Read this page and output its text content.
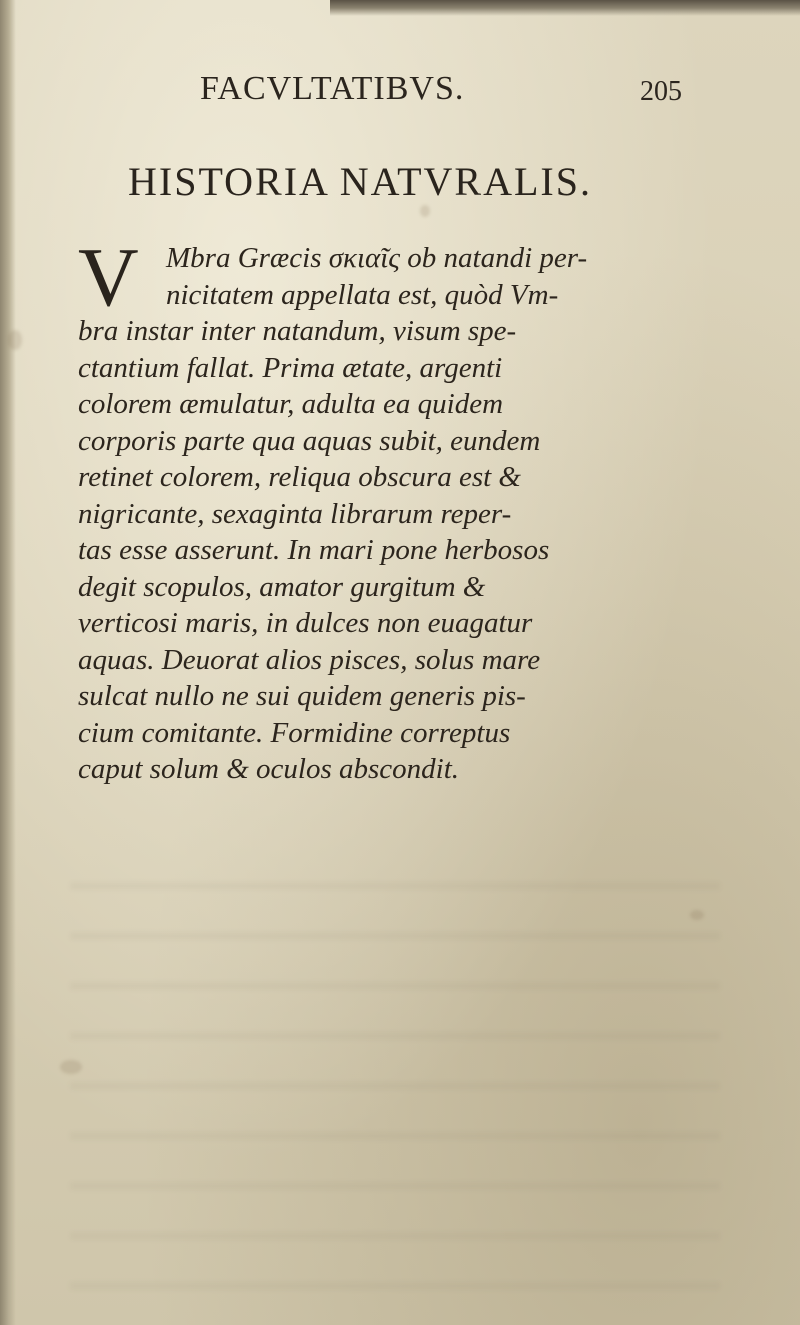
FACVLTATIBVS.	205
HISTORIA NATVRALIS.
V Mbra Græcis σκιαῖς ob natandi per-
nicitatem appellata est, quòd Vm-
bra instar inter natandum, visum spe-
ctantium fallat. Prima ætate, argenti
colorem æmulatur, adulta ea quidem
corporis parte qua aquas subit, eundem
retinet colorem, reliqua obscura est &
nigricante, sexaginta librarum reper-
tas esse asserunt. In mari pone herbosos
degit scopulos, amator gurgitum &
verticosi maris, in dulces non euagatur
aquas. Deuorat alios pisces, solus mare
sulcat nullo ne sui quidem generis pis-
cium comitante. Formidine correptus
caput solum & oculos abscondit.
